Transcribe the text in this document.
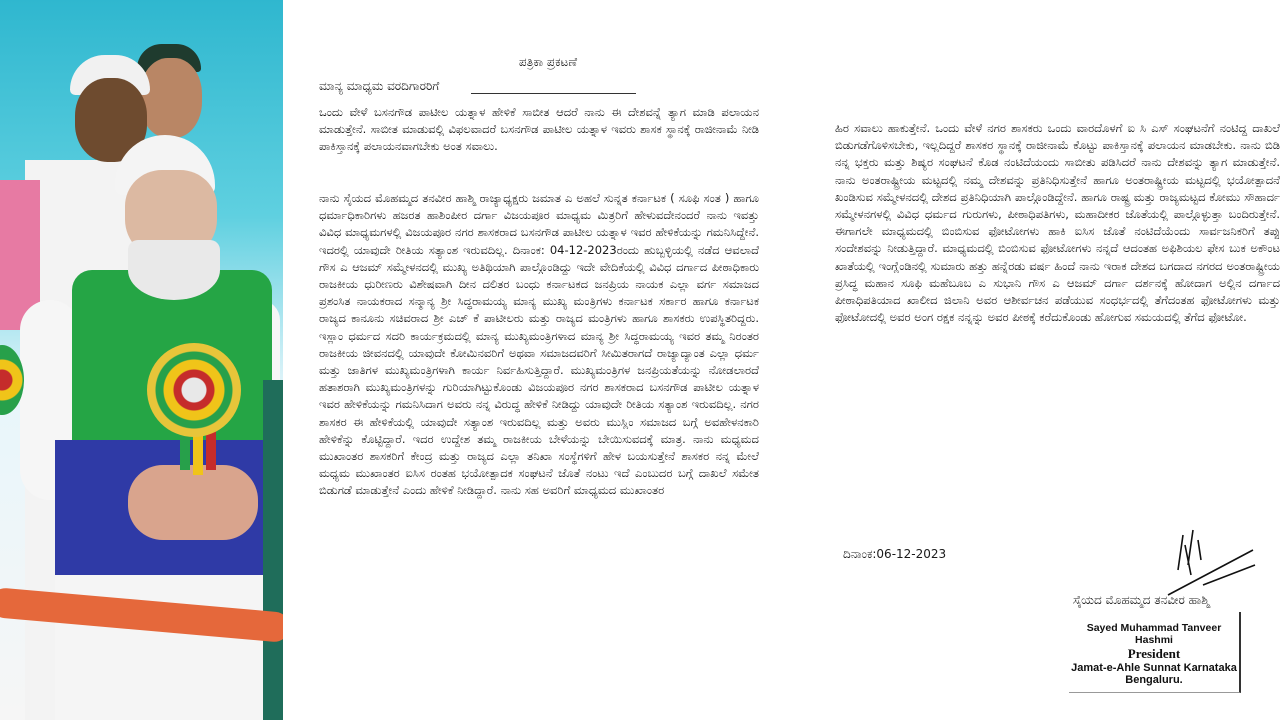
ಪತ್ರಿಕಾ ಪ್ರಕಟಣೆ
ಮಾನ್ಯ ಮಾಧ್ಯಮ ವರದಿಗಾರರಿಗೆ
ಒಂದು ವೇಳೆ ಬಸನಗೌಡ ಪಾಟೀಲ ಯತ್ನಾಳ ಹೇಳಿಕೆ ಸಾಬೀತ ಆದರೆ ನಾನು ಈ ದೇಶವನ್ನೆ ತ್ಯಾಗ ಮಾಡಿ ಪಲಾಯನ ಮಾಡುತ್ತೇನೆ. ಸಾಬೀತ ಮಾಡುವಲ್ಲಿ ವಿಫಲವಾದರೆ ಬಸನಗೌಡ ಪಾಟೀಲ ಯತ್ನಾಳ ಇವರು ಶಾಸಕ ಸ್ಥಾನಕ್ಕೆ ರಾಜೀನಾಮೆ ನೀಡಿ ಪಾಕಿಸ್ತಾನಕ್ಕೆ ಪಲಾಯನವಾಗಬೇಕು ಅಂತ ಸವಾಲು.
ನಾನು ಸೈಯದ ಮೊಹಮ್ಮದ ತನವೀರ ಹಾಶ್ಮಿ ರಾಜ್ಯಾಧ್ಯಕ್ಷರು ಜಮಾತ ಎ ಅಹಲೆ ಸುನ್ನತ ಕರ್ನಾಟಕ ( ಸೂಫಿ ಸಂತ ) ಹಾಗೂ ಧರ್ಮಾಧಿಕಾರಿಗಳು ಹಜರತ ಹಾಶಿಂಪೀರ ದರ್ಗಾ ವಿಜಯಪೂರ ಮಾಧ್ಯಮ ಮಿತ್ರರಿಗೆ ಹೇಳುವದೇನಂದರೆ ನಾನು ಇವತ್ತು ವಿವಿಧ ಮಾಧ್ಯಮಗಳಲ್ಲಿ ವಿಜಯಪೂರ ನಗರ ಶಾಸಕರಾದ ಬಸನಗೌಡ ಪಾಟೀಲ ಯತ್ನಾಳ ಇವರ ಹೇಳಿಕೆಯನ್ನು ಗಮನಿಸಿದ್ದೇನೆ. ಇದರಲ್ಲಿ ಯಾವುದೇ ರೀತಿಯ ಸತ್ಯಾಂಶ ಇರುವದಿಲ್ಲ. ದಿನಾಂಕ: 04-12-2023ರಂದು ಹುಬ್ಬಳ್ಳಿಯಲ್ಲಿ ನಡೆದ ಆವಲಾದೆ ಗೌಸ ಎ ಆಜಮ್ ಸಮ್ಮೇಳನದಲ್ಲಿ ಮುಖ್ಯ ಅತಿಥಿಯಾಗಿ ಪಾಲ್ಗೊಂಡಿದ್ದು ಇದೇ ವೇದಿಕೆಯಲ್ಲಿ ವಿವಿಧ ದರ್ಗಾದ ಪೀಠಾಧಿಕಾರು ರಾಜಕೀಯ ಧುರೀಣರು ವಿಶೇಷವಾಗಿ ದೀನ ದಲಿತರ ಬಂಧು ಕರ್ನಾಟಕದ ಜನಪ್ರಿಯ ನಾಯಕ ಎಲ್ಲಾ ವರ್ಗ ಸಮಾಜದ ಪ್ರಶಂಸಿತ ನಾಯಕರಾದ ಸನ್ಮಾನ್ಯ ಶ್ರೀ ಸಿದ್ಧರಾಮಯ್ಯ ಮಾನ್ಯ ಮುಖ್ಯ ಮಂತ್ರಿಗಳು ಕರ್ನಾಟಕ ಸರ್ಕಾರ ಹಾಗೂ ಕರ್ನಾಟಕ ರಾಜ್ಯದ ಕಾನೂನು ಸಚಿವರಾದ ಶ್ರೀ ಎಚ್ ಕೆ ಪಾಟೀಲರು ಮತ್ತು ರಾಜ್ಯದ ಮಂತ್ರಿಗಳು ಹಾಗೂ ಶಾಸಕರು ಉಪಸ್ಥಿತರಿದ್ದರು. ಇಸ್ಲಾಂ ಧರ್ಮದ ಸದರಿ ಕಾರ್ಯಕ್ರಮದಲ್ಲಿ ಮಾನ್ಯ ಮುಖ್ಯಮಂತ್ರಿಗಳಾದ ಮಾನ್ಯ ಶ್ರೀ ಸಿದ್ಧರಾಮಯ್ಯ ಇವರ ತಮ್ಮ ನಿರಂತರ ರಾಜಕೀಯ ಜೀವನದಲ್ಲಿ ಯಾವುದೇ ಕೋಮಿನವರಿಗೆ ಅಥವಾ ಸಮಾಜದವರಿಗೆ ಸೀಮಿತರಾಗದೆ ರಾಜ್ಯಾದ್ಯಾಂತ ಎಲ್ಲಾ ಧರ್ಮ ಮತ್ತು ಜಾತಿಗಳ ಮುಖ್ಯಮಂತ್ರಿಗಳಾಗಿ ಕಾರ್ಯ ನಿರ್ವಹಿಸುತ್ತಿದ್ದಾರೆ. ಮುಖ್ಯಮಂತ್ರಿಗಳ ಜನಪ್ರಿಯತೆಯನ್ನು ನೋಡಲಾರದೆ ಹತಾಶರಾಗಿ ಮುಖ್ಯಮಂತ್ರಿಗಳನ್ನು ಗುರಿಯಾಗಿಟ್ಟುಕೊಂಡು ವಿಜಯಪೂರ ನಗರ ಶಾಸಕರಾದ ಬಸನಗೌಡ ಪಾಟೀಲ ಯತ್ನಾಳ ಇವರ ಹೇಳಿಕೆಯನ್ನು ಗಮನಿಸಿದಾಗ ಅವರು ನನ್ನ ವಿರುದ್ಧ ಹೇಳಿಕೆ ನೀಡಿದ್ದು ಯಾವುದೇ ರೀತಿಯ ಸತ್ಯಾಂಶ ಇರುವದಿಲ್ಲ. ನಗರ ಶಾಸಕರ ಈ ಹೇಳಿಕೆಯಲ್ಲಿ ಯಾವುದೇ ಸತ್ಯಾಂಶ ಇರುವದಿಲ್ಲ ಮತ್ತು ಅವರು ಮುಸ್ಲಿಂ ಸಮಾಜದ ಬಗ್ಗೆ ಅವಹೇಳನಕಾರಿ ಹೇಳಿಕೆನ್ನು ಕೊಟ್ಟಿದ್ದಾರೆ. ಇದರ ಉದ್ದೇಶ ತಮ್ಮ ರಾಜಕೀಯ ಬೇಳೆಯನ್ನು ಬೇಯಿಸುವದಕ್ಕೆ ಮಾತ್ರ. ನಾನು ಮಧ್ಯಮದ ಮುಖಾಂತರ ಶಾಸಕರಿಗೆ ಕೇಂದ್ರ ಮತ್ತು ರಾಜ್ಯದ ಎಲ್ಲಾ ತನಿಖಾ ಸಂಸ್ಥೆಗಳಿಗೆ ಹೇಳ ಬಯಸುತ್ತೇನೆ ಶಾಸಕರ ನನ್ನ ಮೇಲೆ ಮಧ್ಯಮ ಮುಖಾಂತರ ಐಸಿಸ ರಂತಹ ಭಯೋತ್ಪಾದಕ ಸಂಘಟನೆ ಜೊತೆ ನಂಟು ಇದೆ ಎಂಬುದರ ಬಗ್ಗೆ ದಾಖಲೆ ಸಮೇತ ಬಿಡುಗಡೆ ಮಾಡುತ್ತೇನೆ ಎಂದು ಹೇಳಿಕೆ ನೀಡಿದ್ದಾರೆ. ನಾನು ಸಹ ಅವರಿಗೆ ಮಾಧ್ಯಮದ ಮುಖಾಂತರ
ಹಿರ ಸವಾಲು ಹಾಕುತ್ತೇನೆ. ಒಂದು ವೇಳೆ ನಗರ ಶಾಸಕರು ಒಂದು ವಾರದೊಳಗೆ ಐ ಸಿ ಎಸ್ ಸಂಘಟನೆಗೆ ನಂಟಿದ್ದ ದಾಖಲೆ ಬಿಡುಗಡೆಗೊಳಿಸಬೇಕು, ಇಲ್ಲದಿದ್ದರೆ ಶಾಸಕರ ಸ್ಥಾನಕ್ಕೆ ರಾಜೀನಾಮೆ ಕೊಟ್ಟು ಪಾಕಿಸ್ತಾನಕ್ಕೆ ಪಲಾಯನ ಮಾಡಬೇಕು. ನಾನು ಬಿಡಿ ನನ್ನ ಭಕ್ತರು ಮತ್ತು ಶಿಷ್ಯರ ಸಂಘಟನೆ ಕೊಡ ನಂಟಿದೆಯಂದು ಸಾಬೀತು ಪಡಿಸಿದರೆ ನಾನು ದೇಶವನ್ನು ತ್ಯಾಗ ಮಾಡುತ್ತೇನೆ. ನಾನು ಅಂತರಾಷ್ಟ್ರೀಯ ಮಟ್ಟದಲ್ಲಿ ನಮ್ಮ ದೇಶವನ್ನು ಪ್ರತಿನಿಧಿಸುತ್ತೇನೆ ಹಾಗೂ ಅಂತರಾಷ್ಟ್ರೀಯ ಮಟ್ಟದಲ್ಲಿ ಭಯೋತ್ಪಾದನೆ ಖಂಡಿಸುವ ಸಮ್ಮೇಳನದಲ್ಲಿ ದೇಶದ ಪ್ರತಿನಿಧಿಯಾಗಿ ಪಾಲ್ಗೊಂಡಿದ್ದೇನೆ. ಹಾಗೂ ರಾಷ್ಟ್ರ ಮತ್ತು ರಾಜ್ಯಮಟ್ಟದ ಕೋಮು ಸೌಹಾರ್ದ ಸಮ್ಮೇಳನಗಳಲ್ಲಿ ವಿವಿಧ ಧರ್ಮದ ಗುರುಗಳು, ಪೀಠಾಧಿಪತಿಗಳು, ಮಹಾದೀಕರ ಜೊತೆಯಲ್ಲಿ ಪಾಲ್ಗೊಳ್ಳುತ್ತಾ ಬಂದಿರುತ್ತೇನೆ. ಈಗಾಗಲೇ ಮಾಧ್ಯಮದಲ್ಲಿ ಬಿಂಬಿಸುವ ಫೋಟೋಗಳು ಹಾಕಿ ಐಸಿಸ ಜೊತೆ ನಂಟಿದೆಯೆಂದು ಸಾರ್ವಜನಿಕರಿಗೆ ತಪ್ಪು ಸಂದೇಶವನ್ನು ನೀಡುತ್ತಿದ್ದಾರೆ. ಮಾಧ್ಯಮದಲ್ಲಿ ಬಿಂಬಿಸುವ ಫೋಟೋಗಳು ನನ್ನದೆ ಆದಂತಹ ಅಫಿಶಿಯಲ ಫೇಸ ಬುಕ ಅಕೌಂಟ ಖಾತೆಯಲ್ಲಿ ಇಂಗ್ಲೆಂಡಿನಲ್ಲಿ ಸುಮಾರು ಹತ್ತು ಹನ್ನೆರಡು ವರ್ಷ ಹಿಂದೆ ನಾನು ಇರಾಕ ದೇಶದ ಬಗದಾದ ನಗರದ ಅಂತರಾಷ್ಟ್ರೀಯ ಪ್ರಸಿದ್ಧ ಮಹಾನ ಸೂಫಿ ಮಹೆಬೂಬ ಎ ಸುಭಾನಿ ಗೌಸ ಎ ಆಜಮ್ ದರ್ಗಾ ದರ್ಶನಕ್ಕೆ ಹೋದಾಗ ಅಲ್ಲಿನ ದರ್ಗಾದ ಪೀಠಾಧಿಪತಿಯಾದ ಖಾಲೀದ ಜಿಲಾನಿ ಅವರ ಆಶೀರ್ವಚನ ಪಡೆಯುವ ಸಂಧರ್ಭದಲ್ಲಿ ತೆಗೆದಂತಹ ಫೋಟೋಗಳು ಮತ್ತು ಫೋಟೋದಲ್ಲಿ ಅವರ ಅಂಗ ರಕ್ಷಕ ನನ್ನನ್ನು ಅವರ ಪೀಠಕ್ಕೆ ಕರೆದುಕೊಂಡು ಹೋಗುವ ಸಮಯದಲ್ಲಿ ತೆಗೆದ ಫೋಟೋ.
ದಿನಾಂಕ:06-12-2023
ಸೈಯದ ಮೊಹಮ್ಮದ ತನವೀರ ಹಾಶ್ಮಿ
Sayed Muhammad Tanveer Hashmi
President
Jamat-e-Ahle Sunnat Karnataka
Bengaluru.
